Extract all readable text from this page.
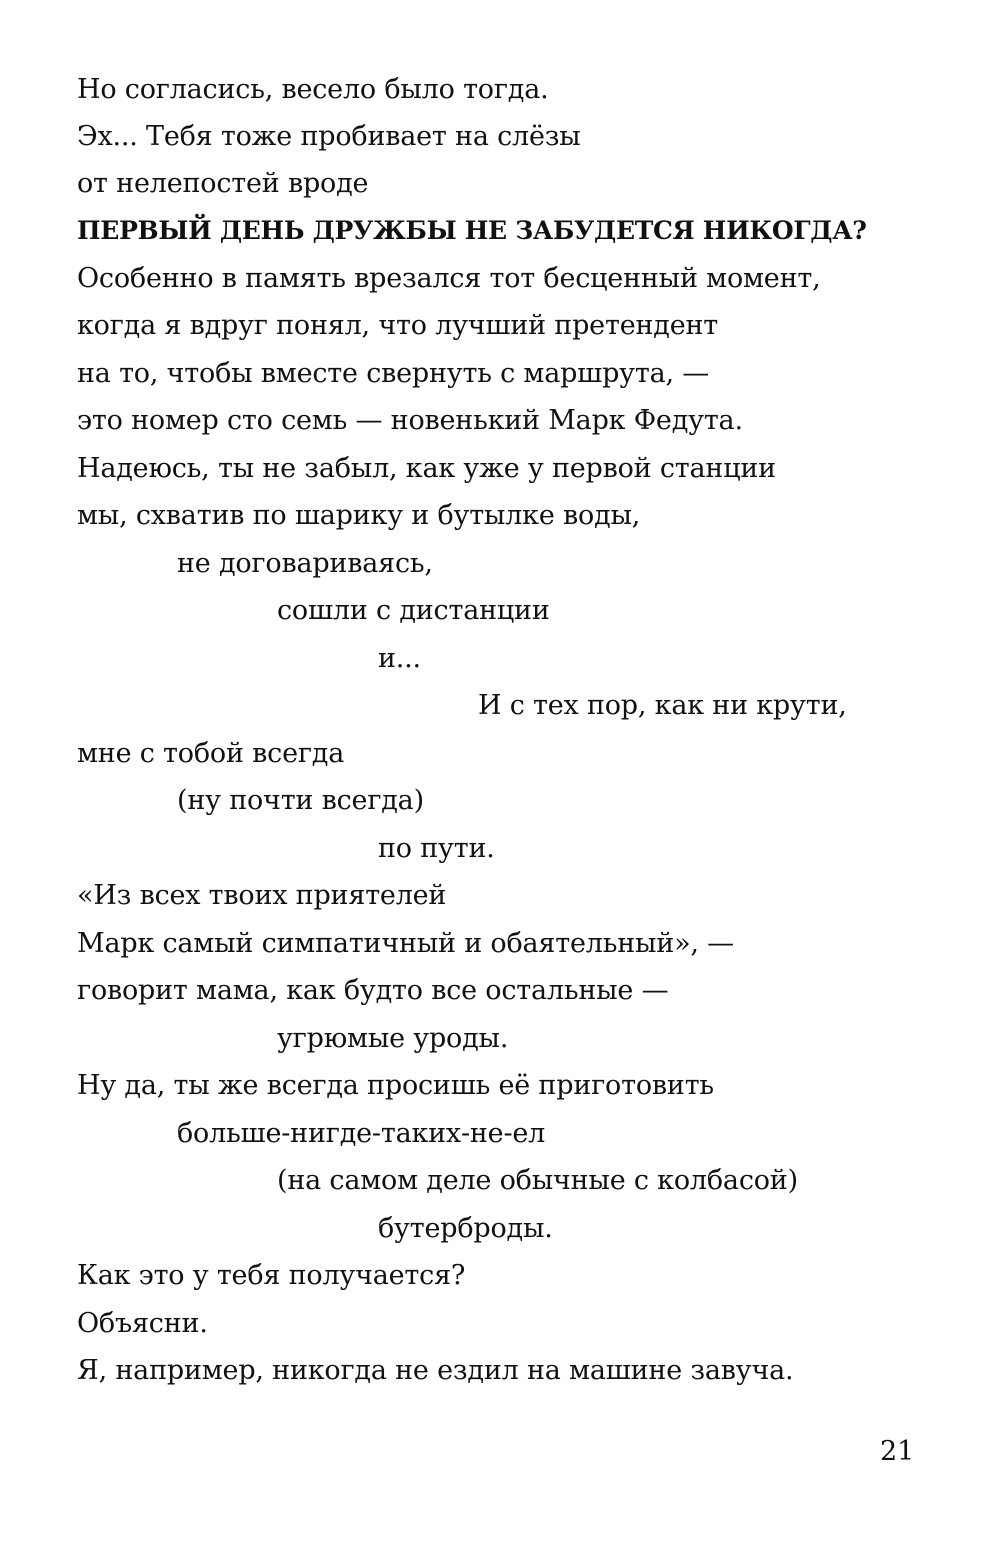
Но согласись, весело было тогда.
Эх... Тебя тоже пробивает на слёзы
от нелепостей вроде
ПЕРВЫЙ ДЕНЬ ДРУЖБЫ НЕ ЗАБУДЕТСЯ НИКОГДА?
Особенно в память врезался тот бесценный момент,
когда я вдруг понял, что лучший претендент
на то, чтобы вместе свернуть с маршрута, —
это номер сто семь — новенький Марк Федута.
Надеюсь, ты не забыл, как уже у первой станции
мы, схватив по шарику и бутылке воды,
не договариваясь,
сошли с дистанции
и...
И с тех пор, как ни крути,
мне с тобой всегда
(ну почти всегда)
по пути.
«Из всех твоих приятелей
Марк самый симпатичный и обаятельный», —
говорит мама, как будто все остальные —
угрюмые уроды.
Ну да, ты же всегда просишь её приготовить
больше-нигде-таких-не-ел
(на самом деле обычные с колбасой)
бутерброды.
Как это у тебя получается?
Объясни.
Я, например, никогда не ездил на машине завуча.
21
